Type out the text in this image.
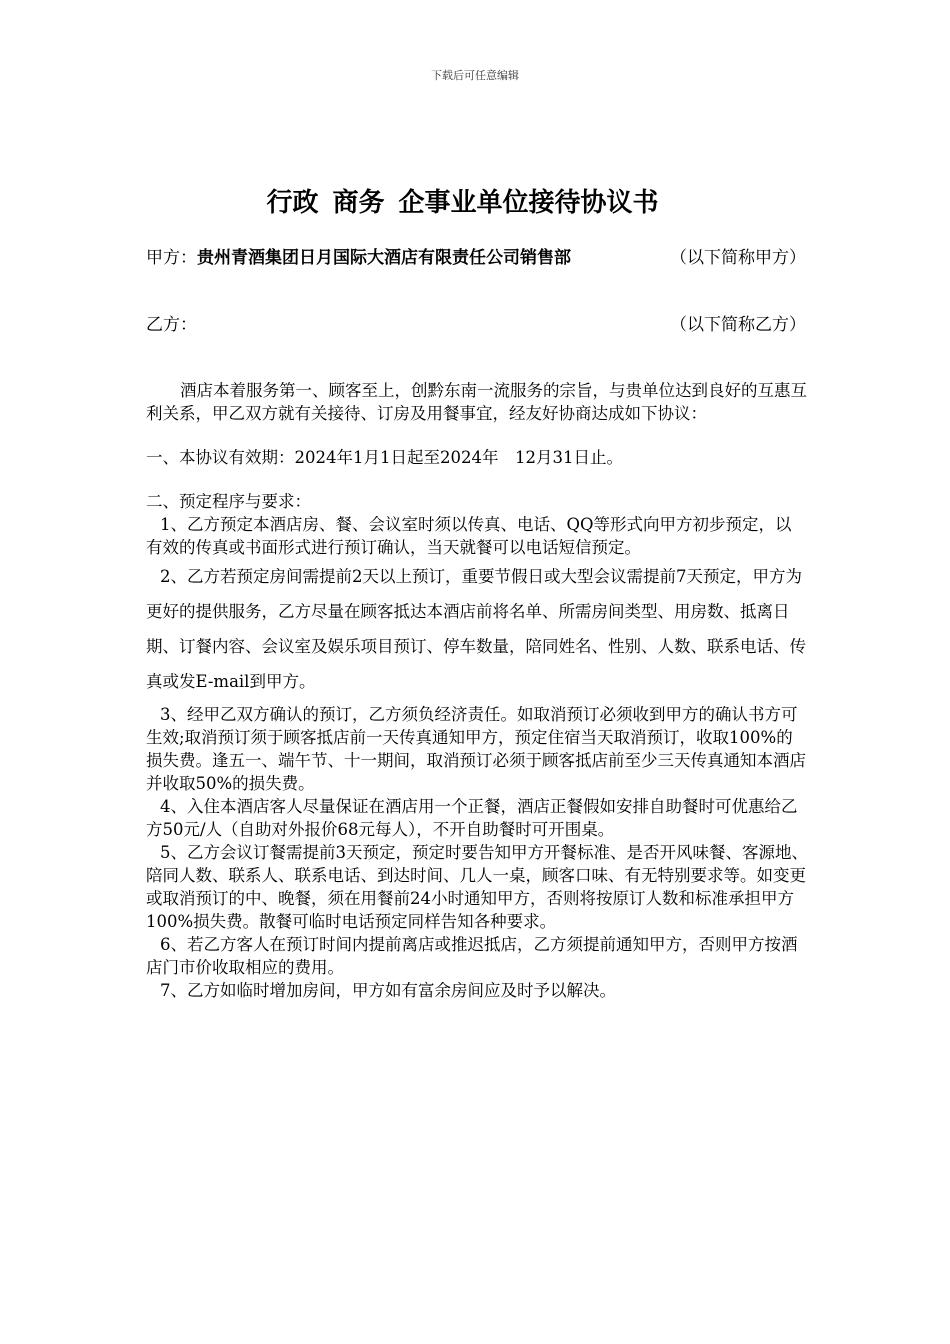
下载后可任意编辑
行政 商务 企事业单位接待协议书
甲方：贵州青酒集团日月国际大酒店有限责任公司销售部	（以下简称甲方）
乙方：	（以下简称乙方）

酒店本着服务第一、顾客至上，创黔东南一流服务的宗旨，与贵单位达到良好的互惠互利关系，甲乙双方就有关接待、订房及用餐事宜，经友好协商达成如下协议：

一、本协议有效期：2024年1月1日起至2024年　12月31日止。

二、预定程序与要求：

1、乙方预定本酒店房、餐、会议室时须以传真、电话、QQ等形式向甲方初步预定，以有效的传真或书面形式进行预订确认，当天就餐可以电话短信预定。

2、乙方若预定房间需提前2天以上预订，重要节假日或大型会议需提前7天预定，甲方为更好的提供服务，乙方尽量在顾客抵达本酒店前将名单、所需房间类型、用房数、抵离日期、订餐内容、会议室及娱乐项目预订、停车数量，陪同姓名、性别、人数、联系电话、传真或发E-mail到甲方。

3、经甲乙双方确认的预订，乙方须负经济责任。如取消预订必须收到甲方的确认书方可生效;取消预订须于顾客抵店前一天传真通知甲方，预定住宿当天取消预订，收取100%的损失费。逢五一、端午节、十一期间，取消预订必须于顾客抵店前至少三天传真通知本酒店并收取50%的损失费。

4、入住本酒店客人尽量保证在酒店用一个正餐，酒店正餐假如安排自助餐时可优惠给乙方50元/人（自助对外报价68元每人），不开自助餐时可开围桌。

5、乙方会议订餐需提前3天预定，预定时要告知甲方开餐标准、是否开风味餐、客源地、陪同人数、联系人、联系电话、到达时间、几人一桌，顾客口味、有无特别要求等。如变更或取消预订的中、晚餐，须在用餐前24小时通知甲方，否则将按原订人数和标准承担甲方100%损失费。散餐可临时电话预定同样告知各种要求。

6、若乙方客人在预订时间内提前离店或推迟抵店，乙方须提前通知甲方，否则甲方按酒店门市价收取相应的费用。

7、乙方如临时增加房间，甲方如有富余房间应及时予以解决。
